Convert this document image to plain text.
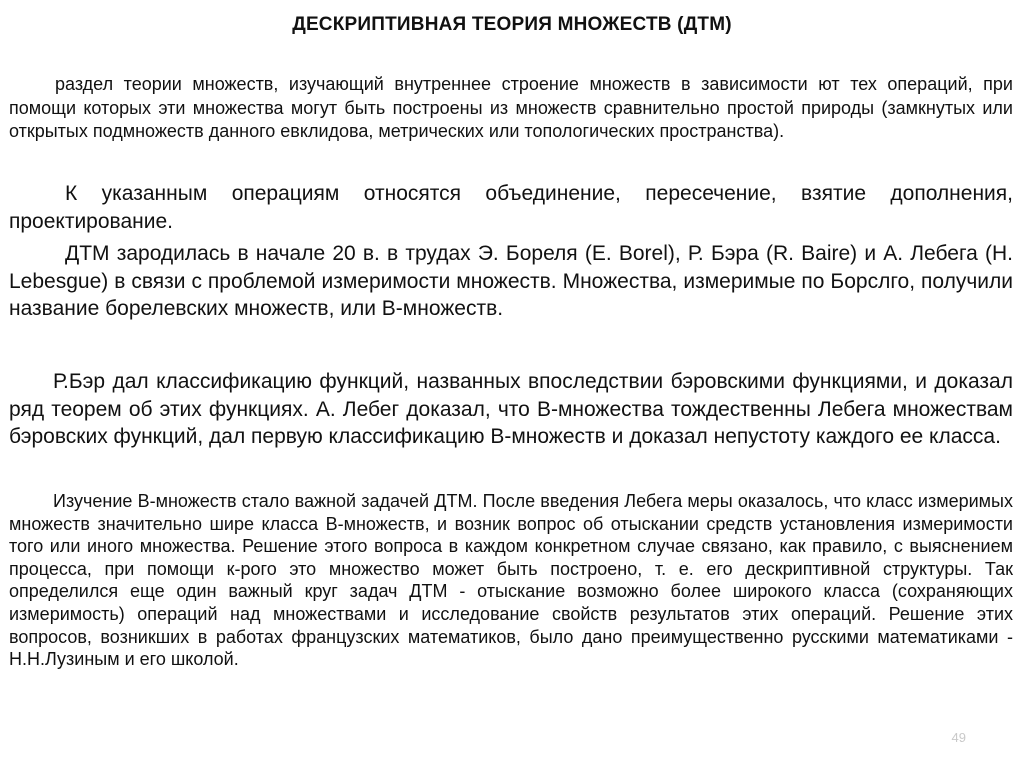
ДЕСКРИПТИВНАЯ ТЕОРИЯ МНОЖЕСТВ (ДТМ)

раздел теории множеств, изучающий внутреннее строение множеств в зависимости ют тех операций, при помощи которых эти множества могут быть построены из множеств сравнительно простой природы (замкнутых или открытых подмножеств данного евклидова, метрических или топологических пространства).

К указанным операциям относятся объединение, пересечение, взятие дополнения, проектирование.

ДТМ зародилась в начале 20 в. в трудах Э. Бореля (Е. Borel), Р. Бэра (R. Baire) и А. Лебега (Н. Lebesgue) в связи с проблемой измеримости множеств. Множества, измеримые по Борслго, получили название борелевских множеств, или В-множеств.

Р.Бэр дал классификацию функций, названных впоследствии бэровскими функциями, и доказал ряд теорем об этих функциях. А. Лебег доказал, что В-множества тождественны Лебега множествам бэровских функций, дал первую классификацию В-множеств и доказал непустоту каждого ее класса.

Изучение В-множеств стало важной задачей ДТМ. После введения Лебега меры оказалось, что класс измеримых множеств значительно шире класса В-множеств, и возник вопрос об отыскании средств установления измеримости того или иного множества. Решение этого вопроса в каждом конкретном случае связано, как правило, с выяснением процесса, при помощи к-рого это множество может быть построено, т. е. его дескриптивной структуры. Так определился еще один важный круг задач ДТМ - отыскание возможно более широкого класса (сохраняющих измеримость) операций над множествами и исследование свойств результатов этих операций. Решение этих вопросов, возникших в работах французских математиков, было дано преимущественно русскими математиками - Н.Н.Лузиным и его школой.

49
